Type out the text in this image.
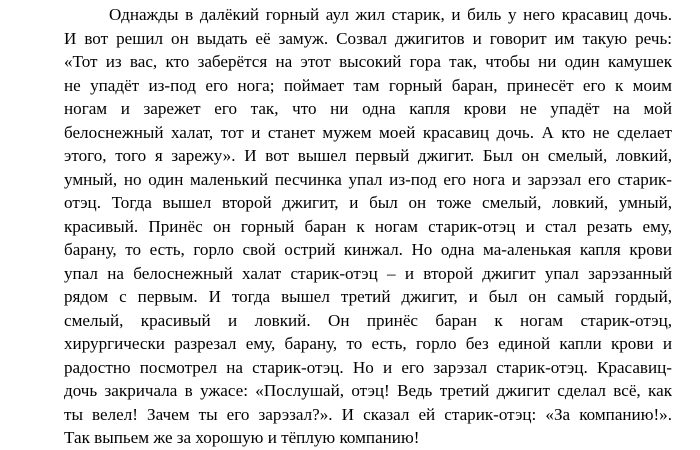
Однажды в далёкий горный аул жил старик, и биль у него красавиц дочь.
И вот решил он выдать её замуж. Созвал джигитов и говорит им такую речь:
«Тот из вас, кто заберётся на этот высокий гора так, чтобы ни один камушек
не упадёт из-под его нога; поймает там горный баран, принесёт его к моим
ногам и зарежет его так, что ни одна капля крови не упадёт на мой
белоснежный халат, тот и станет мужем моей красавиц дочь. А кто не сделает
этого, того я зарежу». И вот вышел первый джигит. Был он смелый, ловкий,
умный, но один маленький песчинка упал из-под его нога и зарэзал его старик-
отэц. Тогда вышел второй джигит, и был он тоже смелый, ловкий, умный,
красивый. Принёс он горный баран к ногам старик-отэц и стал резать ему,
барану, то есть, горло свой острий кинжал. Но одна ма-аленькая капля крови
упал на белоснежный халат старик-отэц – и второй джигит упал зарэзанный
рядом с первым. И тогда вышел третий джигит, и был он самый гордый,
смелый, красивый и ловкий. Он принёс баран к ногам старик-отэц,
хирургически разрезал ему, барану, то есть, горло без единой капли крови и
радостно посмотрел на старик-отэц. Но и его зарэзал старик-отэц. Красавиц-
дочь закричала в ужасе: «Послушай, отэц! Ведь третий джигит сделал всё, как
ты велел! Зачем ты его зарэзал?». И сказал ей старик-отэц: «За компанию!».
Так выпьем же за хорошую и тёплую компанию!
